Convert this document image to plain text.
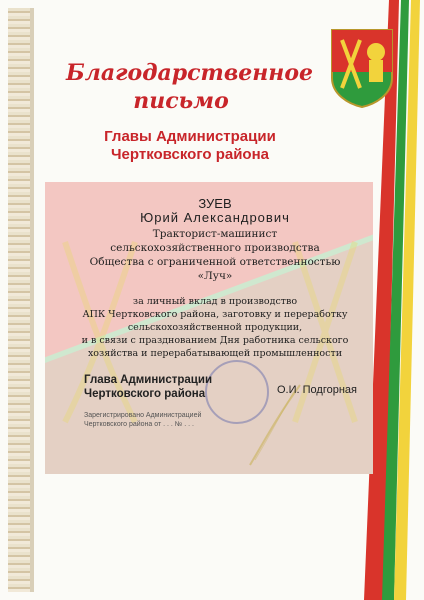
Благодарственное
письмо
Главы Администрации
Чертковского района
ЗУЕВ
Юрий Александрович
Тракторист-машинист
сельскохозяйственного производства
Общества с ограниченной ответственностью
«Луч»
за личный вклад в производство
АПК Чертковского района, заготовку и переработку
сельскохозяйственной продукции,
и в связи с празднованием Дня работника сельского
хозяйства и перерабатывающей промышленности
Глава Администрации
Чертковского района	О.И. Подгорная
Зарегистрировано Администрацией
Чертковского района от . . . № . . .
